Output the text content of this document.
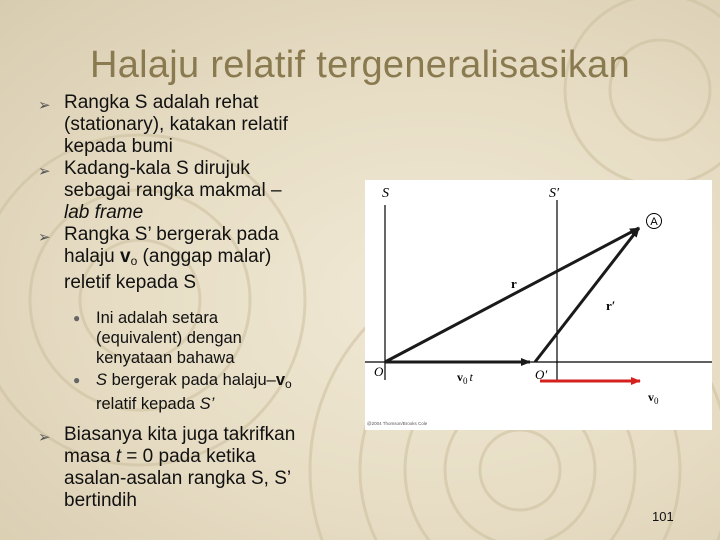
Halaju relatif tergeneralisasikan
➢ Rangka S adalah rehat
(stationary), katakan relatif
kepada bumi
➢ Kadang-kala S dirujuk
sebagai rangka makmal –
lab frame
➢ Rangka S’ bergerak pada
halaju vo (anggap malar)
reletif kepada S
● Ini adalah setara
(equivalent) dengan
kenyataan bahawa
● S bergerak pada halaju–vo
relatif kepada S’
➢ Biasanya kita juga takrifkan
masa t = 0 pada ketika
asalan-asalan rangka S, S’
bertindih
A
S	S′
r
r′
O	O′
$v_0$ t
$v_0$
@2004 Thomson/Brooks Cole
101
